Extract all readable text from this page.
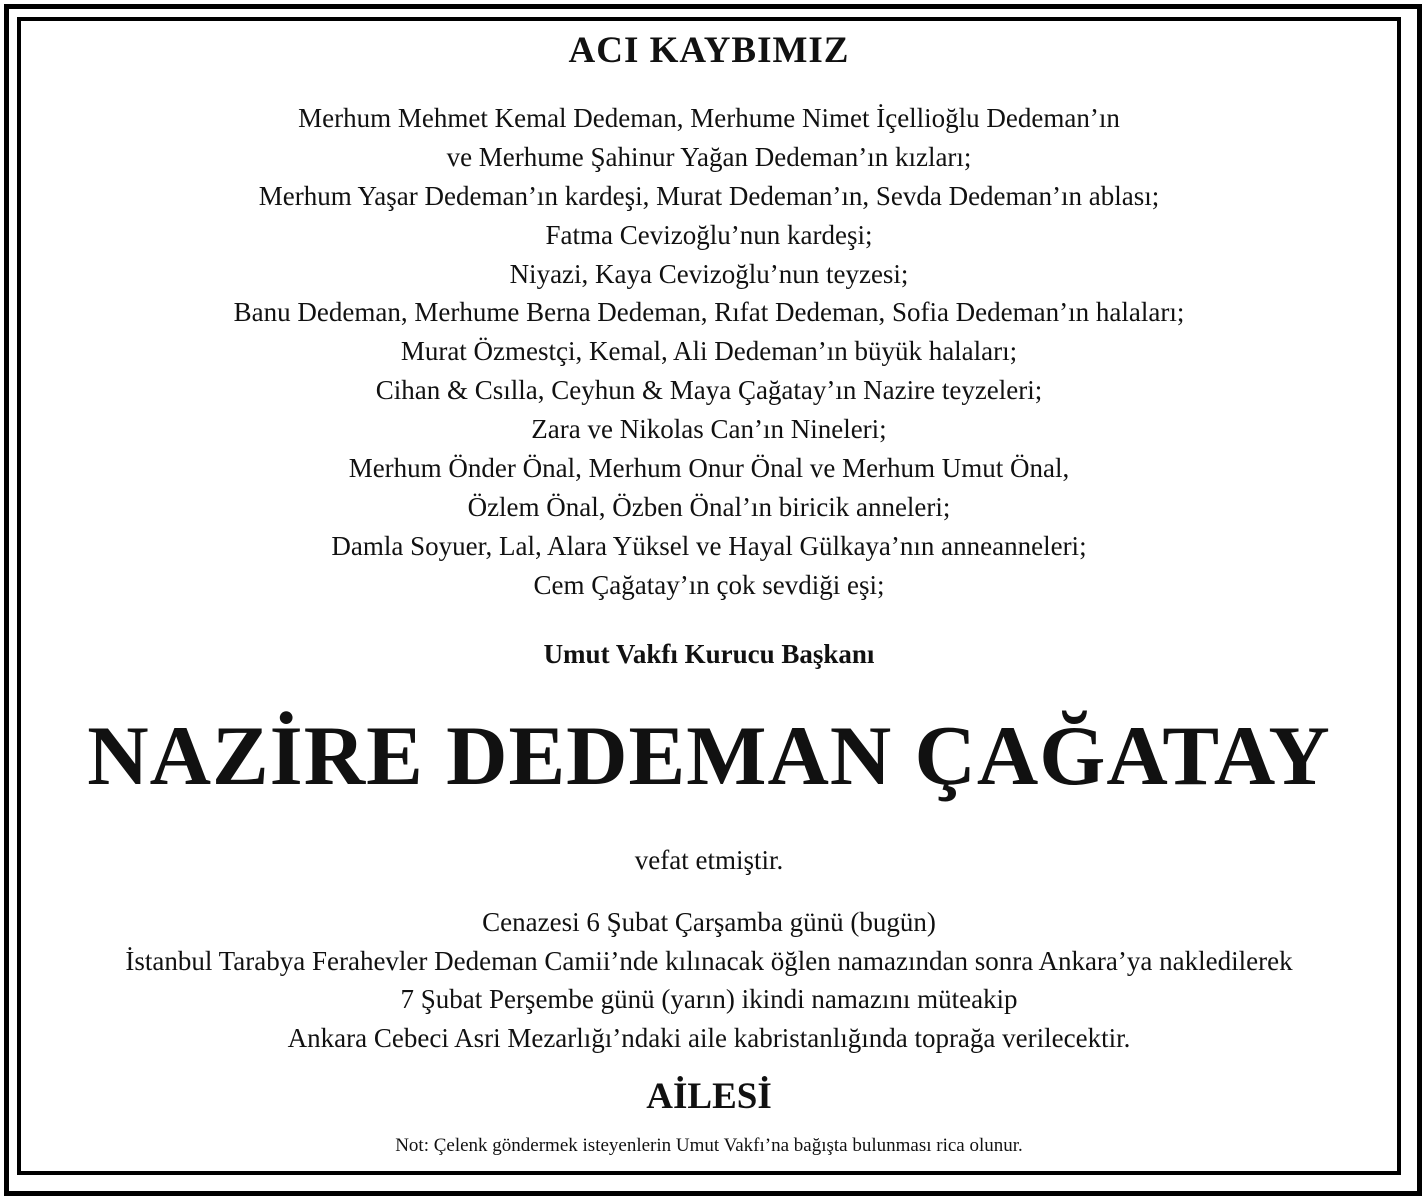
ACI KAYBIMIZ
Merhum Mehmet Kemal Dedeman, Merhume Nimet İçellioğlu Dedeman’ın
ve Merhume Şahinur Yağan Dedeman’ın kızları;
Merhum Yaşar Dedeman’ın kardeşi, Murat Dedeman’ın, Sevda Dedeman’ın ablası;
Fatma Cevizoğlu’nun kardeşi;
Niyazi, Kaya Cevizoğlu’nun teyzesi;
Banu Dedeman, Merhume Berna Dedeman, Rıfat Dedeman, Sofia Dedeman’ın halaları;
Murat Özmestçi, Kemal, Ali Dedeman’ın büyük halaları;
Cihan & Csılla, Ceyhun & Maya Çağatay’ın Nazire teyzeleri;
Zara ve Nikolas Can’ın Nineleri;
Merhum Önder Önal, Merhum Onur Önal ve Merhum Umut Önal,
Özlem Önal, Özben Önal’ın biricik anneleri;
Damla Soyuer, Lal, Alara Yüksel ve Hayal Gülkaya’nın anneanneleri;
Cem Çağatay’ın çok sevdiği eşi;
Umut Vakfı Kurucu Başkanı
NAZİRE DEDEMAN ÇAĞATAY
vefat etmiştir.
Cenazesi 6 Şubat Çarşamba günü (bugün)
İstanbul Tarabya Ferahevler Dedeman Camii’nde kılınacak öğlen namazından sonra Ankara’ya nakledilerek
7 Şubat Perşembe günü (yarın) ikindi namazını müteakip
Ankara Cebeci Asri Mezarlığı’ndaki aile kabristanlığında toprağa verilecektir.
AİLESİ
Not: Çelenk göndermek isteyenlerin Umut Vakfı’na bağışta bulunması rica olunur.
